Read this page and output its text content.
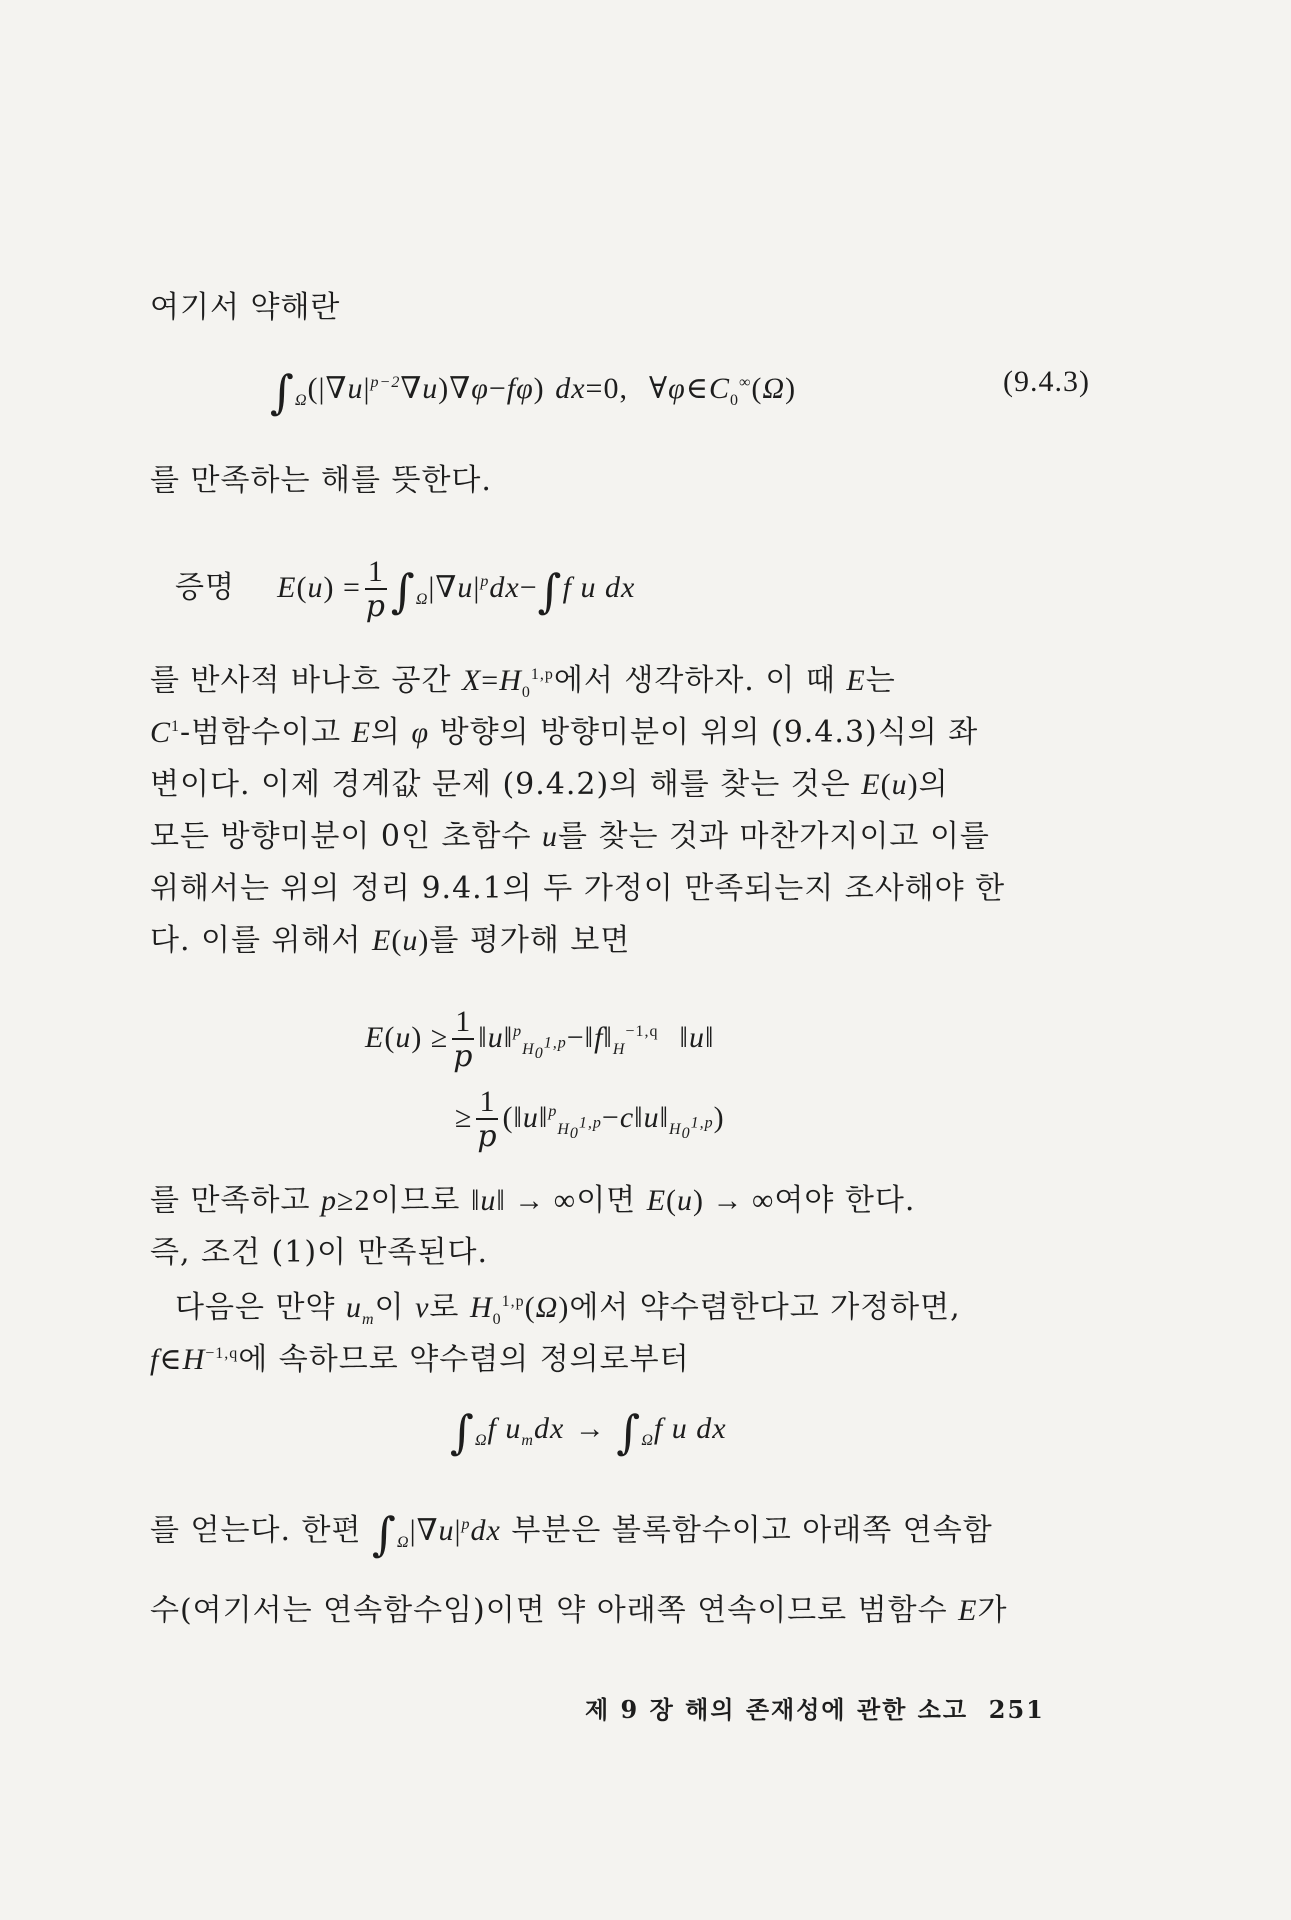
여기서 약해란
$\int_\Omega(|\nabla u|^{p-2}\nabla u)\nabla\varphi-f\varphi$) dx=0, $\forall\varphi\in C_0^\infty(\Omega)$	(9.4.3)
를 만족하는 해를 뜻한다.
증명 $E(u) = \frac{1}{p} \int_\Omega|\nabla u|^pdx-\int f$ u dx
를 반사적 바나흐 공간 $X=H_0^{1,p}$에서 생각하자. 이 때 E는
$C^1-$범함수이고 E의 φ 방향의 방향미분이 위의 (9.4.3)식의 좌
변이다. 이제 경계값 문제 (9.4.2)의 해를 찾는 것은 E(u)의
모든 방향미분이 0인 초함수 u를 찾는 것과 마찬가지이고 이를
위해서는 위의 정리 9.4.1의 두 가정이 만족되는지 조사해야 한
다. 이를 위해서 E(u)를 평가해 보면
$E(u) \ge \frac{1}{p}$ $‖u‖^p_{H_0^{1,p}}-‖f‖_H^{-1,q}$ ‖u‖
≥ $\frac{1}{p}$ $(‖u‖^p_{H_0^{1,p}}-c‖u‖_{H_0^{1,p}})$
를 만족하고 p≥2이므로 ‖u‖ → ∞이면 E(u) → ∞여야 한다.
즉, 조건 (1)이 만족된다.
다음은 만약 $u_m$이 v로 $H_0^{1,p}(\Omega)$에서 약수렴한다고 가정하면,
$f\in H^{-1,q}$에 속하므로 약수렴의 정의로부터
$\int_\Omega f$ $u_mdx \to \int_\Omega f$ u dx
를 얻는다. 한편 $\int_\Omega|\nabla u|^pdx$ 부분은 볼록함수이고 아래쪽 연속함
수(여기서는 연속함수임)이면 약 아래쪽 연속이므로 범함수 E가
제 9 장 해의 존재성에 관한 소고 251
